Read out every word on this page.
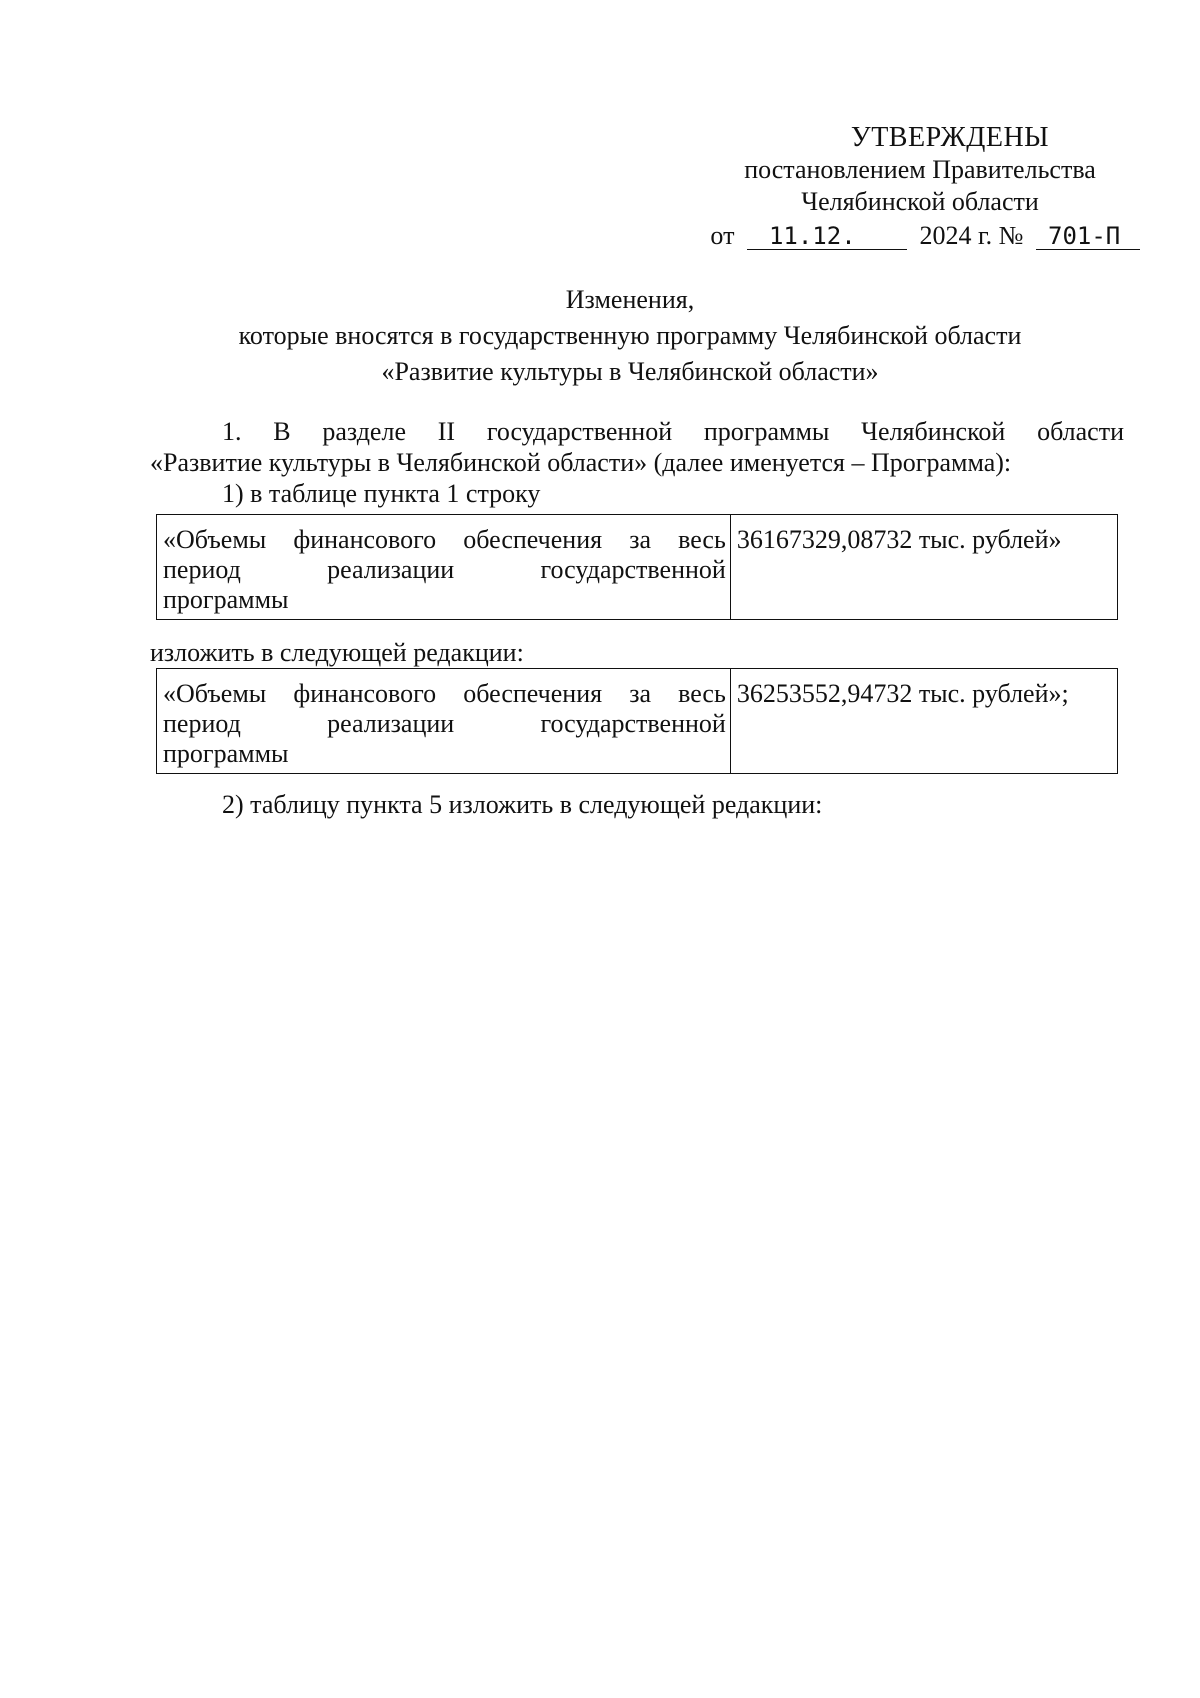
УТВЕРЖДЕНЫ
постановлением Правительства
Челябинской области
от 11.12. 2024 г. № 701-П
Изменения,
которые вносятся в государственную программу Челябинской области
«Развитие культуры в Челябинской области»
1. В разделе II государственной программы Челябинской области
«Развитие культуры в Челябинской области» (далее именуется – Программа):
1) в таблице пункта 1 строку
«Объемы финансового обеспечения за весь
период реализации государственной
программы
	36167329,08732 тыс. рублей»
изложить в следующей редакции:
«Объемы финансового обеспечения за весь
период реализации государственной
программы
	36253552,94732 тыс. рублей»;
2) таблицу пункта 5 изложить в следующей редакции:
